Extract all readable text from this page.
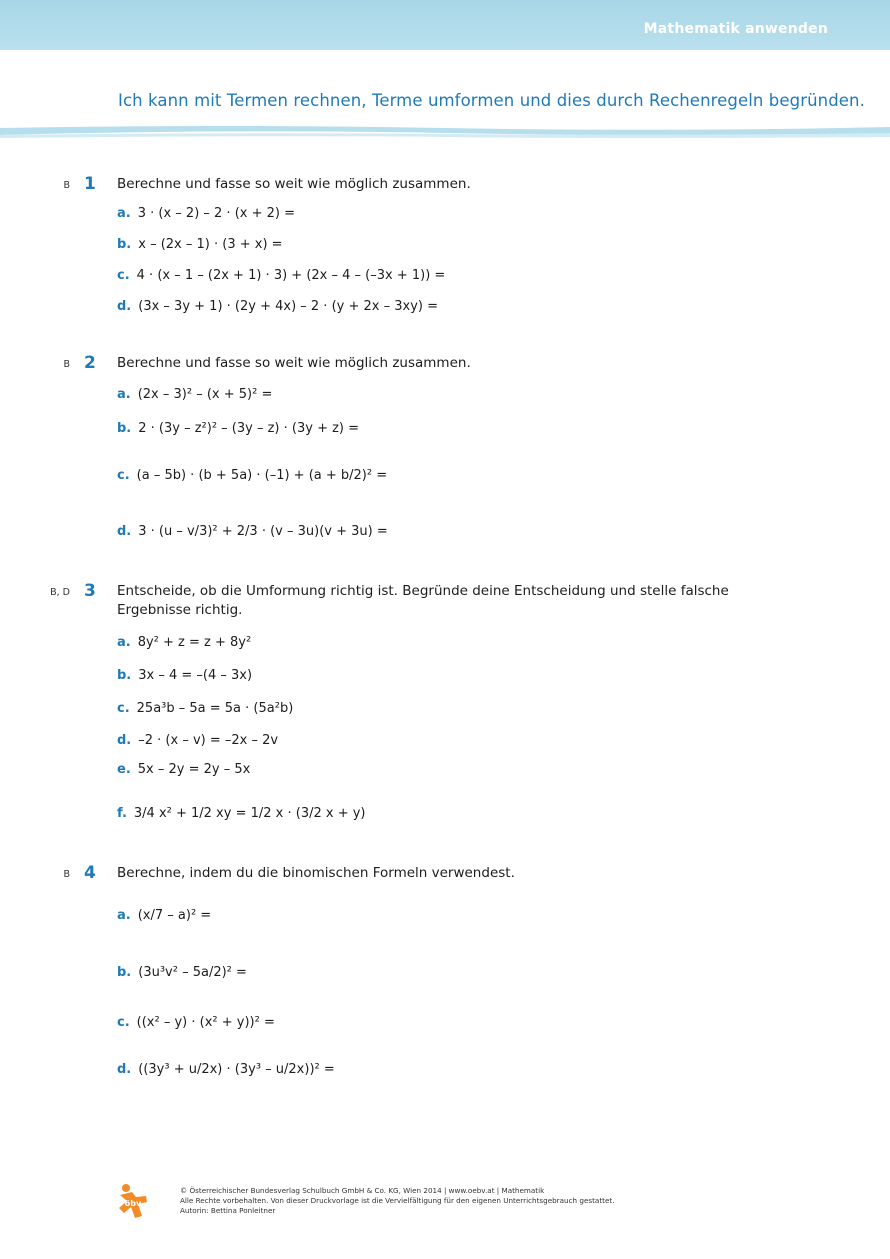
Mathematik anwenden
Ich kann mit Termen rechnen, Terme umformen und dies durch Rechenregeln begründen.
B 1 Berechne und fasse so weit wie möglich zusammen.
a. 3 · (x – 2) – 2 · (x + 2) =
b. x – (2x – 1) · (3 + x) =
c. 4 · (x – 1 – (2x + 1) · 3) + (2x – 4 – (–3x + 1)) =
d. (3x – 3y + 1) · (2y + 4x) – 2 · (y + 2x – 3xy) =
B 2 Berechne und fasse so weit wie möglich zusammen.
a. (2x – 3)² – (x + 5)² =
b. 2 · (3y – z²)² – (3y – z) · (3y + z) =
c. (a – 5b) · (b + 5a) · (–1) + (a + b/2)² =
d. 3 · (u – v/3)² + 2/3 · (v – 3u)(v + 3u) =
B, D 3 Entscheide, ob die Umformung richtig ist. Begründe deine Entscheidung und stelle falsche Ergebnisse richtig.
a. 8y² + z = z + 8y²
b. 3x – 4 = –(4 – 3x)
c. 25a³b – 5a = 5a · (5a²b)
d. –2 · (x – v) = –2x – 2v
e. 5x – 2y = 2y – 5x
f. 3/4 x² + 1/2 xy = 1/2 x · (3/2 x + y)
B 4 Berechne, indem du die binomischen Formeln verwendest.
a. (x/7 – a)² =
b. (3u³v² – 5a/2)² =
c. ((x² – y) · (x² + y))² =
d. ((3y³ + u/2x) · (3y³ – u/2x))² =
öbv
© Österreichischer Bundesverlag Schulbuch GmbH & Co. KG, Wien 2014 | www.oebv.at | Mathematik
Alle Rechte vorbehalten. Von dieser Druckvorlage ist die Vervielfältigung für den eigenen Unterrichtsgebrauch gestattet.
Autorin: Bettina Ponleitner
